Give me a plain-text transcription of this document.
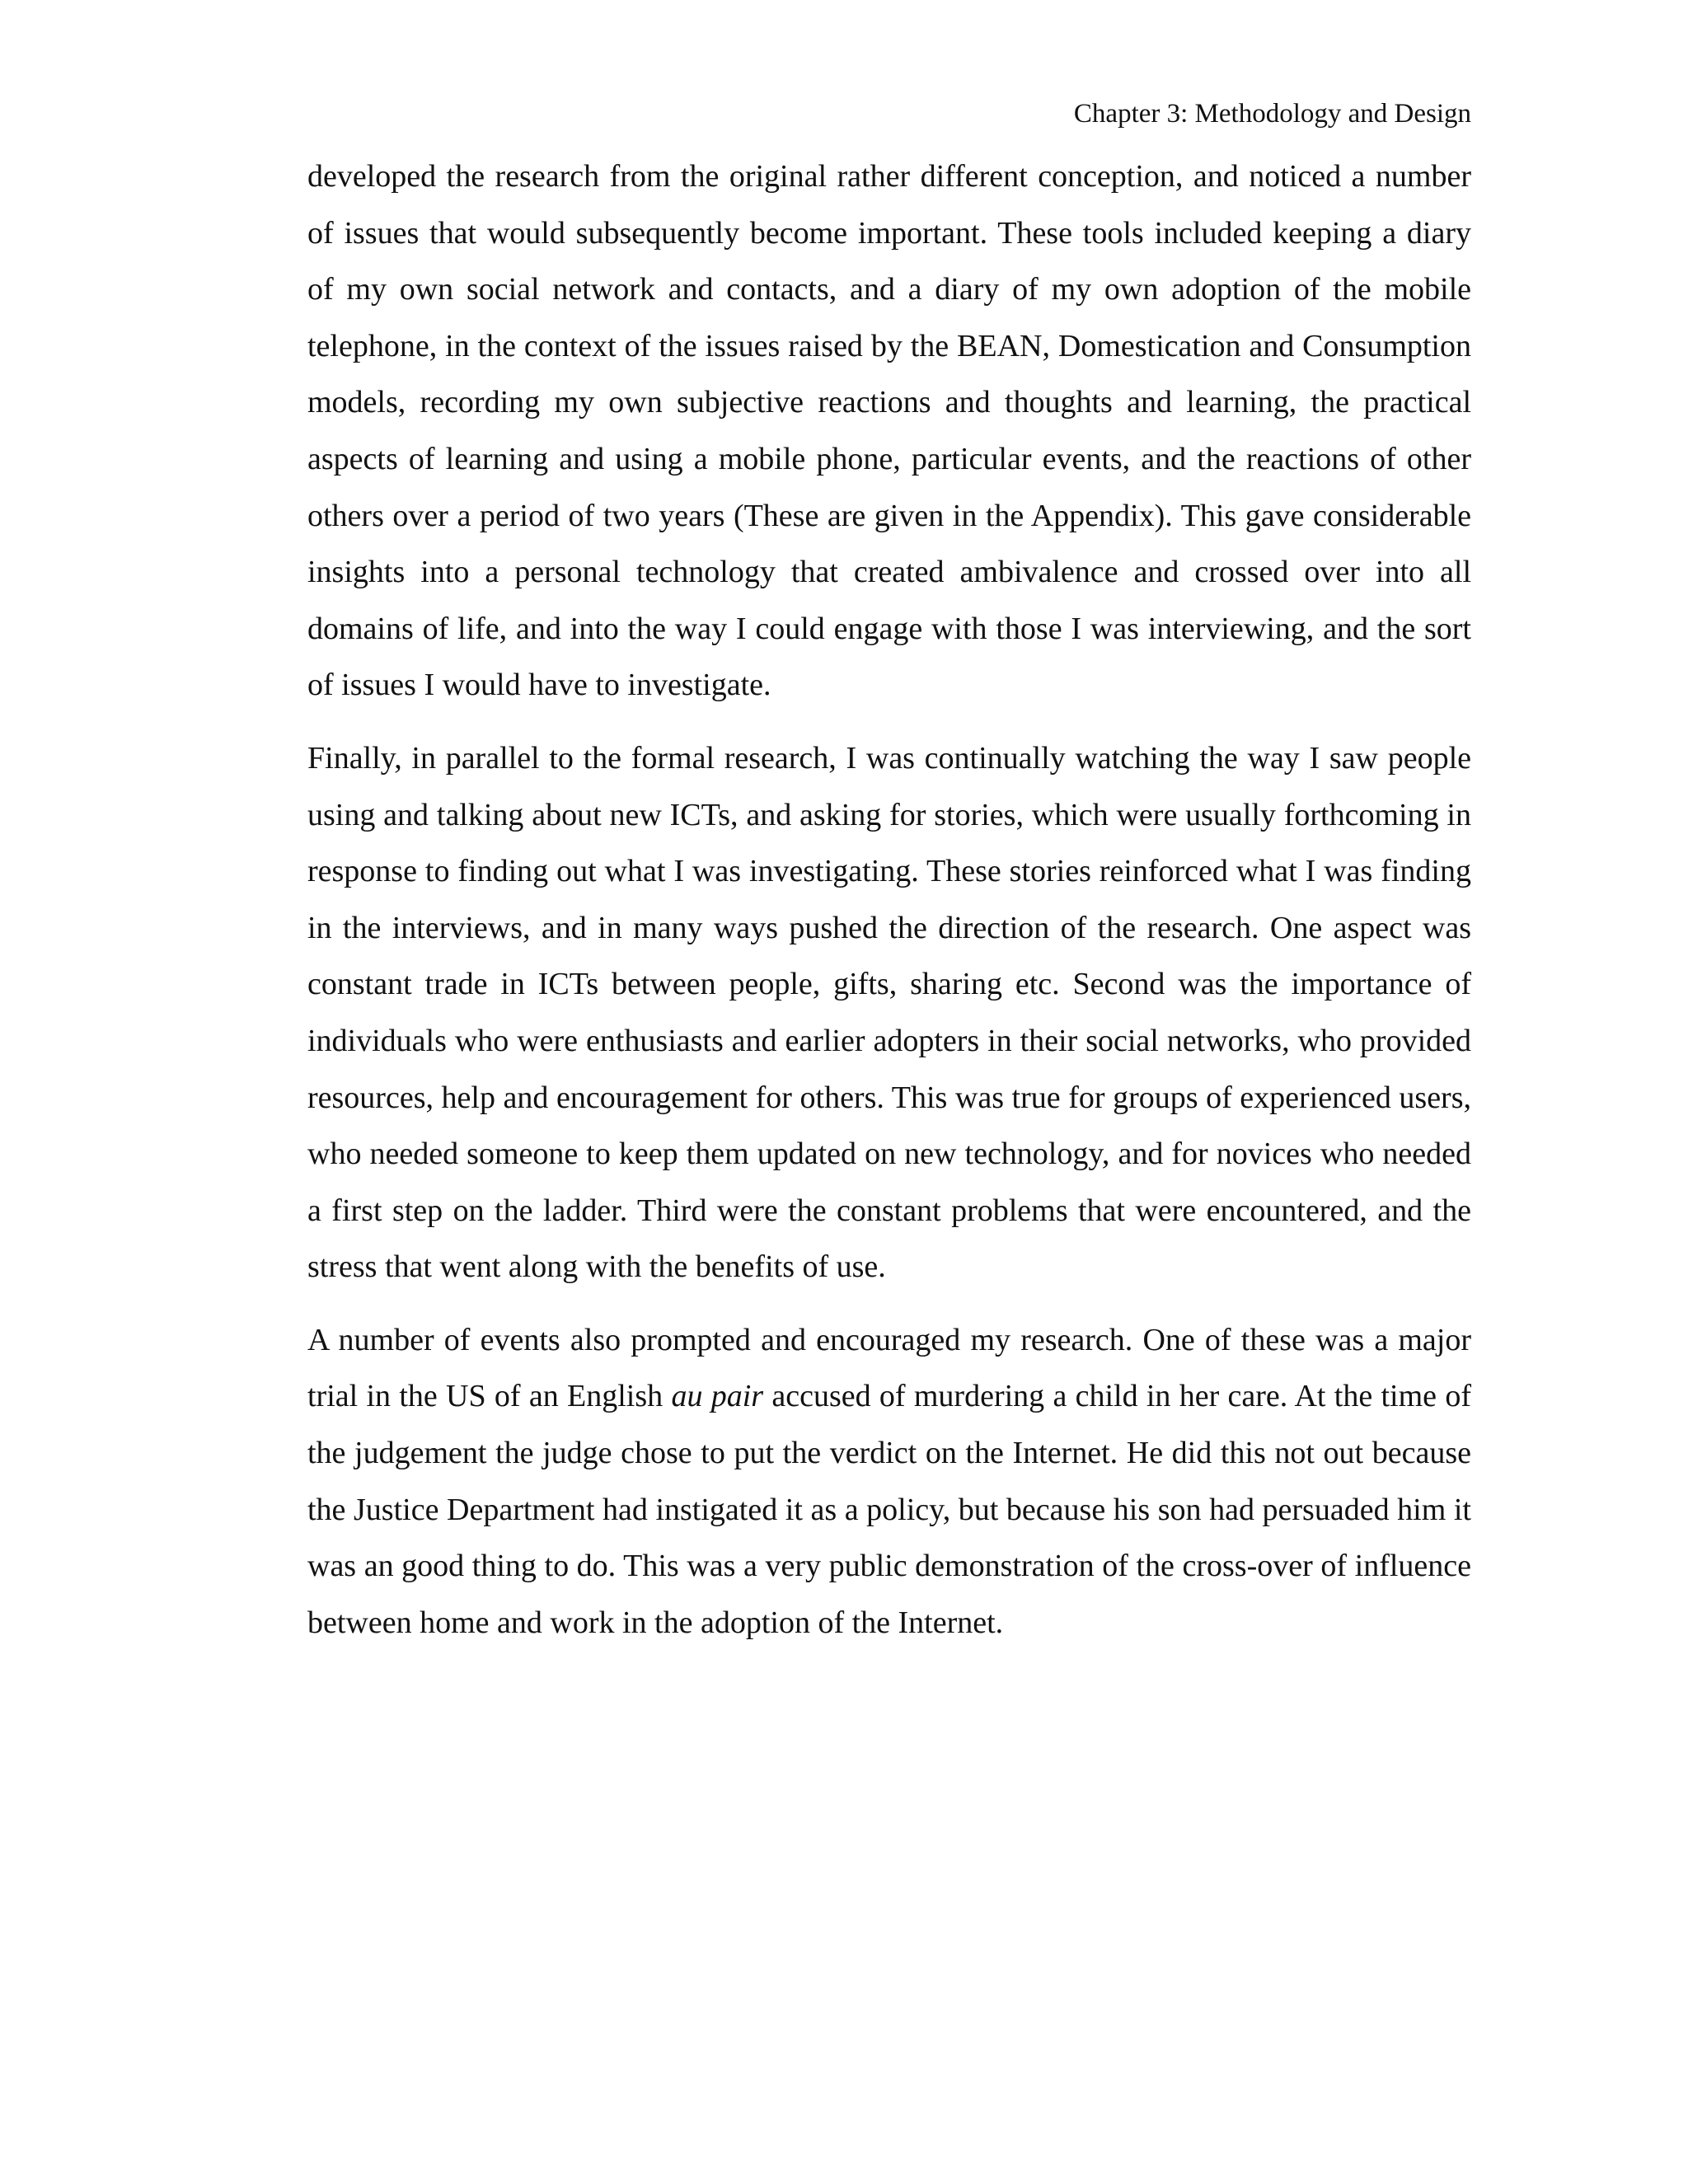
Chapter 3: Methodology and Design

developed the research from the original rather different conception, and noticed a number of issues that would subsequently become important. These tools included keeping a diary of my own social network and contacts, and a diary of my own adoption of the mobile telephone, in the context of the issues raised by the BEAN, Domestication and Consumption models, recording my own subjective reactions and thoughts and learning, the practical aspects of learning and using a mobile phone, particular events, and the reactions of other others over a period of two years (These are given in the Appendix). This gave considerable insights into a personal technology that created ambivalence and crossed over into all domains of life, and into the way I could engage with those I was interviewing, and the sort of issues I would have to investigate.

Finally, in parallel to the formal research, I was continually watching the way I saw people using and talking about new ICTs, and asking for stories, which were usually forthcoming in response to finding out what I was investigating. These stories reinforced what I was finding in the interviews, and in many ways pushed the direction of the research. One aspect was constant trade in ICTs between people, gifts, sharing etc. Second was the importance of individuals who were enthusiasts and earlier adopters in their social networks, who provided resources, help and encouragement for others. This was true for groups of experienced users, who needed someone to keep them updated on new technology, and for novices who needed a first step on the ladder. Third were the constant problems that were encountered, and the stress that went along with the benefits of use.

A number of events also prompted and encouraged my research. One of these was a major trial in the US of an English au pair accused of murdering a child in her care. At the time of the judgement the judge chose to put the verdict on the Internet. He did this not out because the Justice Department had instigated it as a policy, but because his son had persuaded him it was an good thing to do. This was a very public demonstration of the cross-over of influence between home and work in the adoption of the Internet.
